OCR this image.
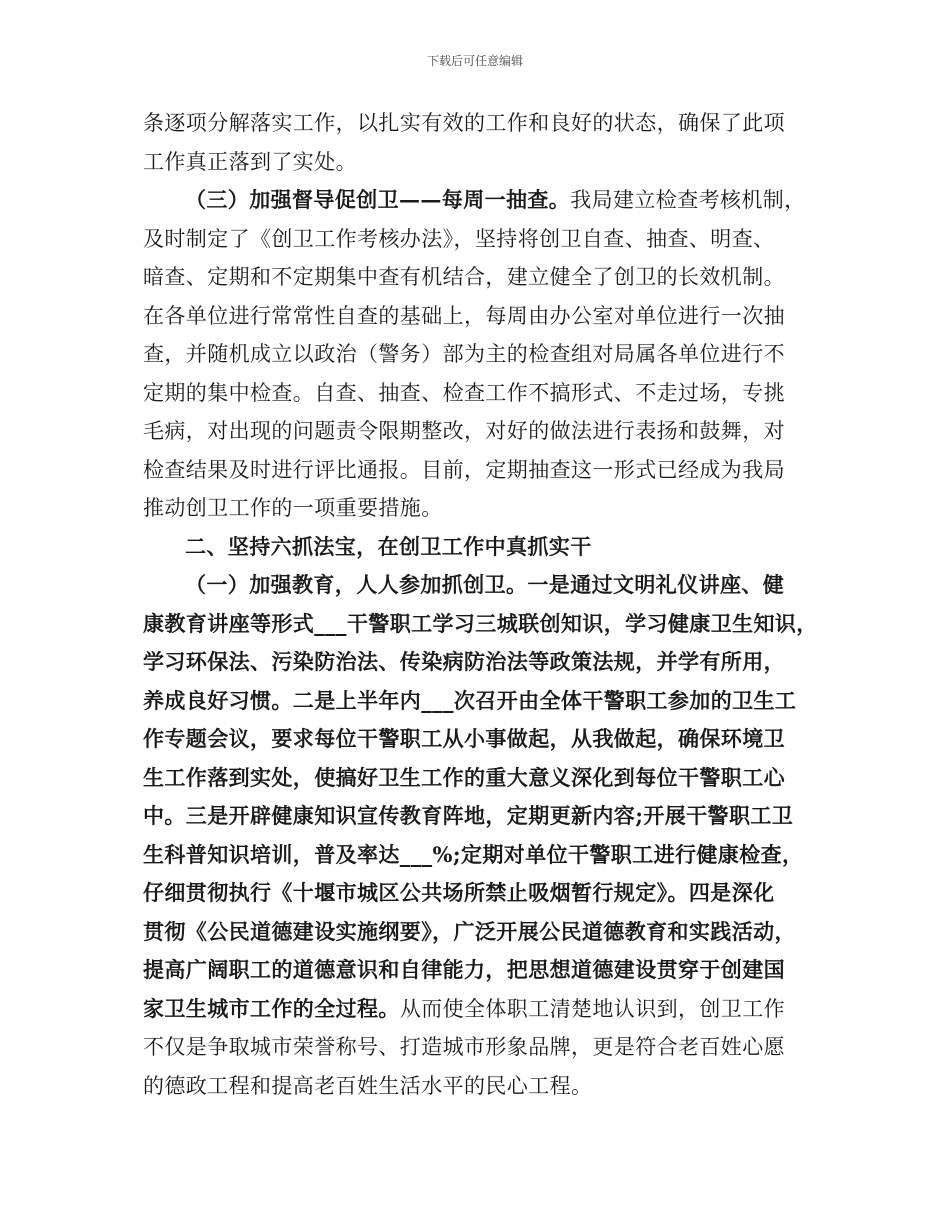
下载后可任意编辑
条逐项分解落实工作，以扎实有效的工作和良好的状态，确保了此项
工作真正落到了实处。
（三）加强督导促创卫——每周一抽查。我局建立检查考核机制，
及时制定了《创卫工作考核办法》，坚持将创卫自查、抽查、明查、
暗查、定期和不定期集中查有机结合，建立健全了创卫的长效机制。
在各单位进行常常性自查的基础上，每周由办公室对单位进行一次抽
查，并随机成立以政治（警务）部为主的检查组对局属各单位进行不
定期的集中检查。自查、抽查、检查工作不搞形式、不走过场，专挑
毛病，对出现的问题责令限期整改，对好的做法进行表扬和鼓舞，对
检查结果及时进行评比通报。目前，定期抽查这一形式已经成为我局
推动创卫工作的一项重要措施。
二、坚持六抓法宝，在创卫工作中真抓实干
（一）加强教育，人人参加抓创卫。一是通过文明礼仪讲座、健
康教育讲座等形式___干警职工学习三城联创知识，学习健康卫生知识，
学习环保法、污染防治法、传染病防治法等政策法规，并学有所用，
养成良好习惯。二是上半年内___次召开由全体干警职工参加的卫生工
作专题会议，要求每位干警职工从小事做起，从我做起，确保环境卫
生工作落到实处，使搞好卫生工作的重大意义深化到每位干警职工心
中。三是开辟健康知识宣传教育阵地，定期更新内容;开展干警职工卫
生科普知识培训，普及率达___%;定期对单位干警职工进行健康检查，
仔细贯彻执行《十堰市城区公共场所禁止吸烟暂行规定》。四是深化
贯彻《公民道德建设实施纲要》，广泛开展公民道德教育和实践活动，
提高广阔职工的道德意识和自律能力，把思想道德建设贯穿于创建国
家卫生城市工作的全过程。从而使全体职工清楚地认识到，创卫工作
不仅是争取城市荣誉称号、打造城市形象品牌，更是符合老百姓心愿
的德政工程和提高老百姓生活水平的民心工程。
